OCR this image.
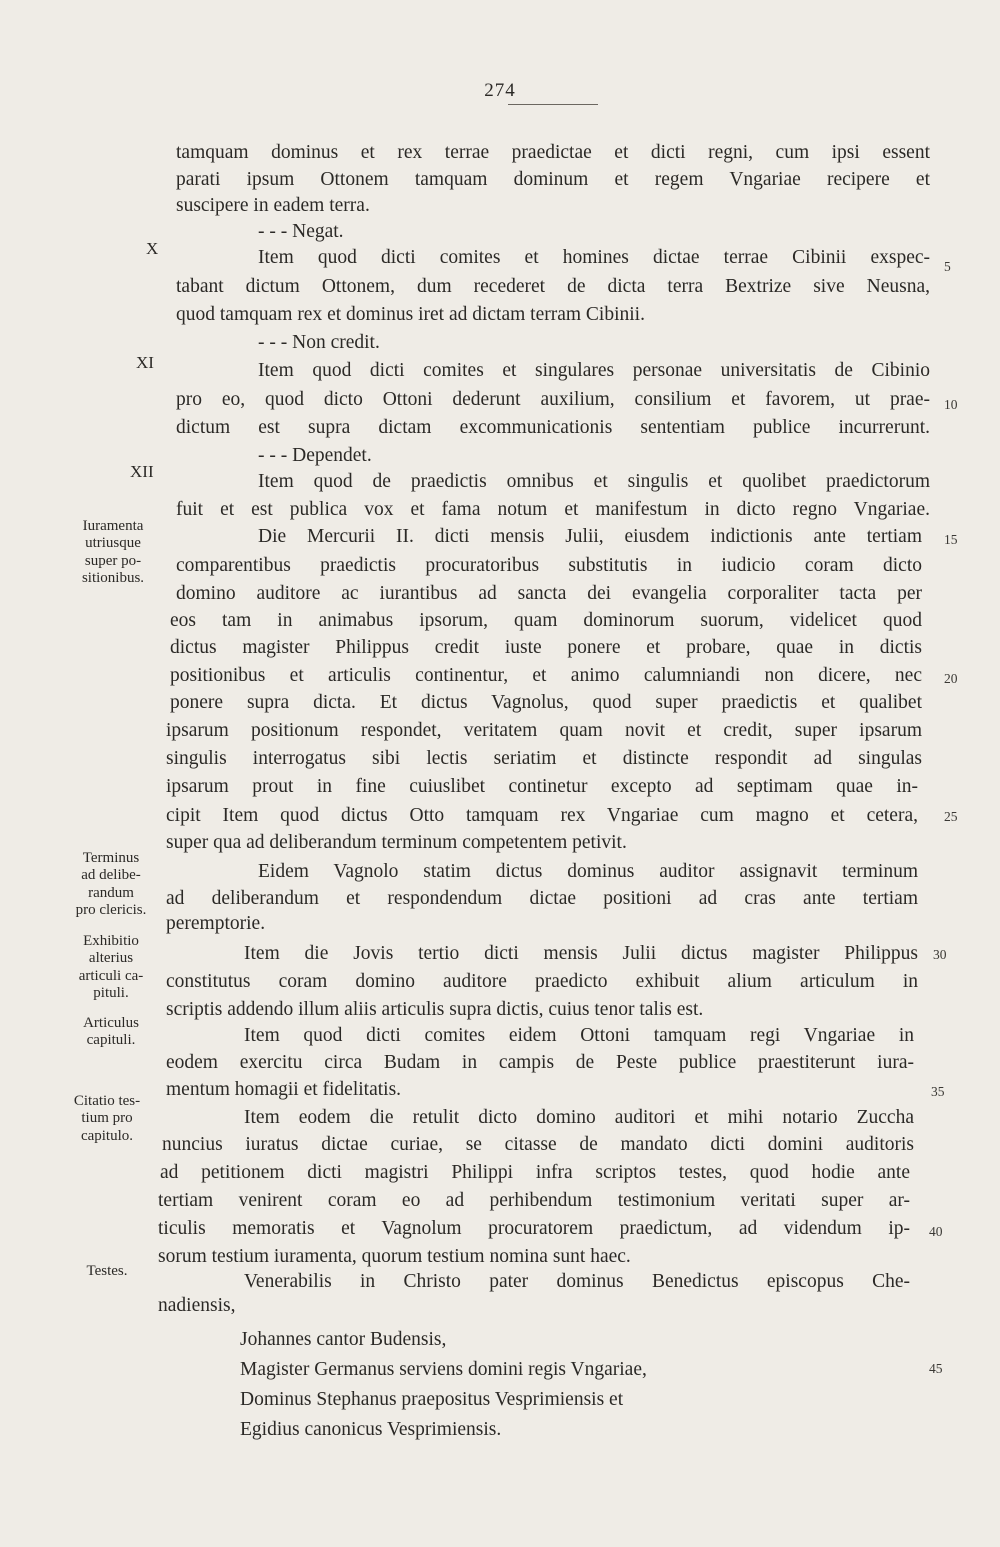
274
tamquam dominus et rex terrae praedictae et dicti regni, cum ipsi essent
parati ipsum Ottonem tamquam dominum et regem Vngariae recipere et
suscipere in eadem terra.
- - - Negat.
Item quod dicti comites et homines dictae terrae Cibinii exspec-
tabant dictum Ottonem, dum recederet de dicta terra Bextrize sive Neusna,
quod tamquam rex et dominus iret ad dictam terram Cibinii.
- - - Non credit.
Item quod dicti comites et singulares personae universitatis de Cibinio
pro eo, quod dicto Ottoni dederunt auxilium, consilium et favorem, ut prae-
dictum est supra dictam excommunicationis sententiam publice incurrerunt.
- - - Dependet.
Item quod de praedictis omnibus et singulis et quolibet praedictorum
fuit et est publica vox et fama notum et manifestum in dicto regno Vngariae.
Die Mercurii II. dicti mensis Julii, eiusdem indictionis ante tertiam
comparentibus praedictis procuratoribus substitutis in iudicio coram dicto
domino auditore ac iurantibus ad sancta dei evangelia corporaliter tacta per
eos tam in animabus ipsorum, quam dominorum suorum, videlicet quod
dictus magister Philippus credit iuste ponere et probare, quae in dictis
positionibus et articulis continentur, et animo calumniandi non dicere, nec
ponere supra dicta. Et dictus Vagnolus, quod super praedictis et qualibet
ipsarum positionum respondet, veritatem quam novit et credit, super ipsarum
singulis interrogatus sibi lectis seriatim et distincte respondit ad singulas
ipsarum prout in fine cuiuslibet continetur excepto ad septimam quae in-
cipit Item quod dictus Otto tamquam rex Vngariae cum magno et cetera,
super qua ad deliberandum terminum competentem petivit.
Eidem Vagnolo statim dictus dominus auditor assignavit terminum
ad deliberandum et respondendum dictae positioni ad cras ante tertiam
peremptorie.
Item die Jovis tertio dicti mensis Julii dictus magister Philippus
constitutus coram domino auditore praedicto exhibuit alium articulum in
scriptis addendo illum aliis articulis supra dictis, cuius tenor talis est.
Item quod dicti comites eidem Ottoni tamquam regi Vngariae in
eodem exercitu circa Budam in campis de Peste publice praestiterunt iura-
mentum homagii et fidelitatis.
Item eodem die retulit dicto domino auditori et mihi notario Zuccha
nuncius iuratus dictae curiae, se citasse de mandato dicti domini auditoris
ad petitionem dicti magistri Philippi infra scriptos testes, quod hodie ante
tertiam venirent coram eo ad perhibendum testimonium veritati super ar-
ticulis memoratis et Vagnolum procuratorem praedictum, ad videndum ip-
sorum testium iuramenta, quorum testium nomina sunt haec.
Venerabilis in Christo pater dominus Benedictus episcopus Che-
nadiensis,
Johannes cantor Budensis,
Magister Germanus serviens domini regis Vngariae,
Dominus Stephanus praepositus Vesprimiensis et
Egidius canonicus Vesprimiensis.
X
XI
XII
Iuramenta
utriusque
super po-
sitionibus.
Terminus
ad delibe-
randum
pro clericis.
Exhibitio
alterius
articuli ca-
pituli.
Articulus
capituli.
Citatio tes-
tium pro
capitulo.
Testes.
5
10
15
20
25
30
35
40
45
